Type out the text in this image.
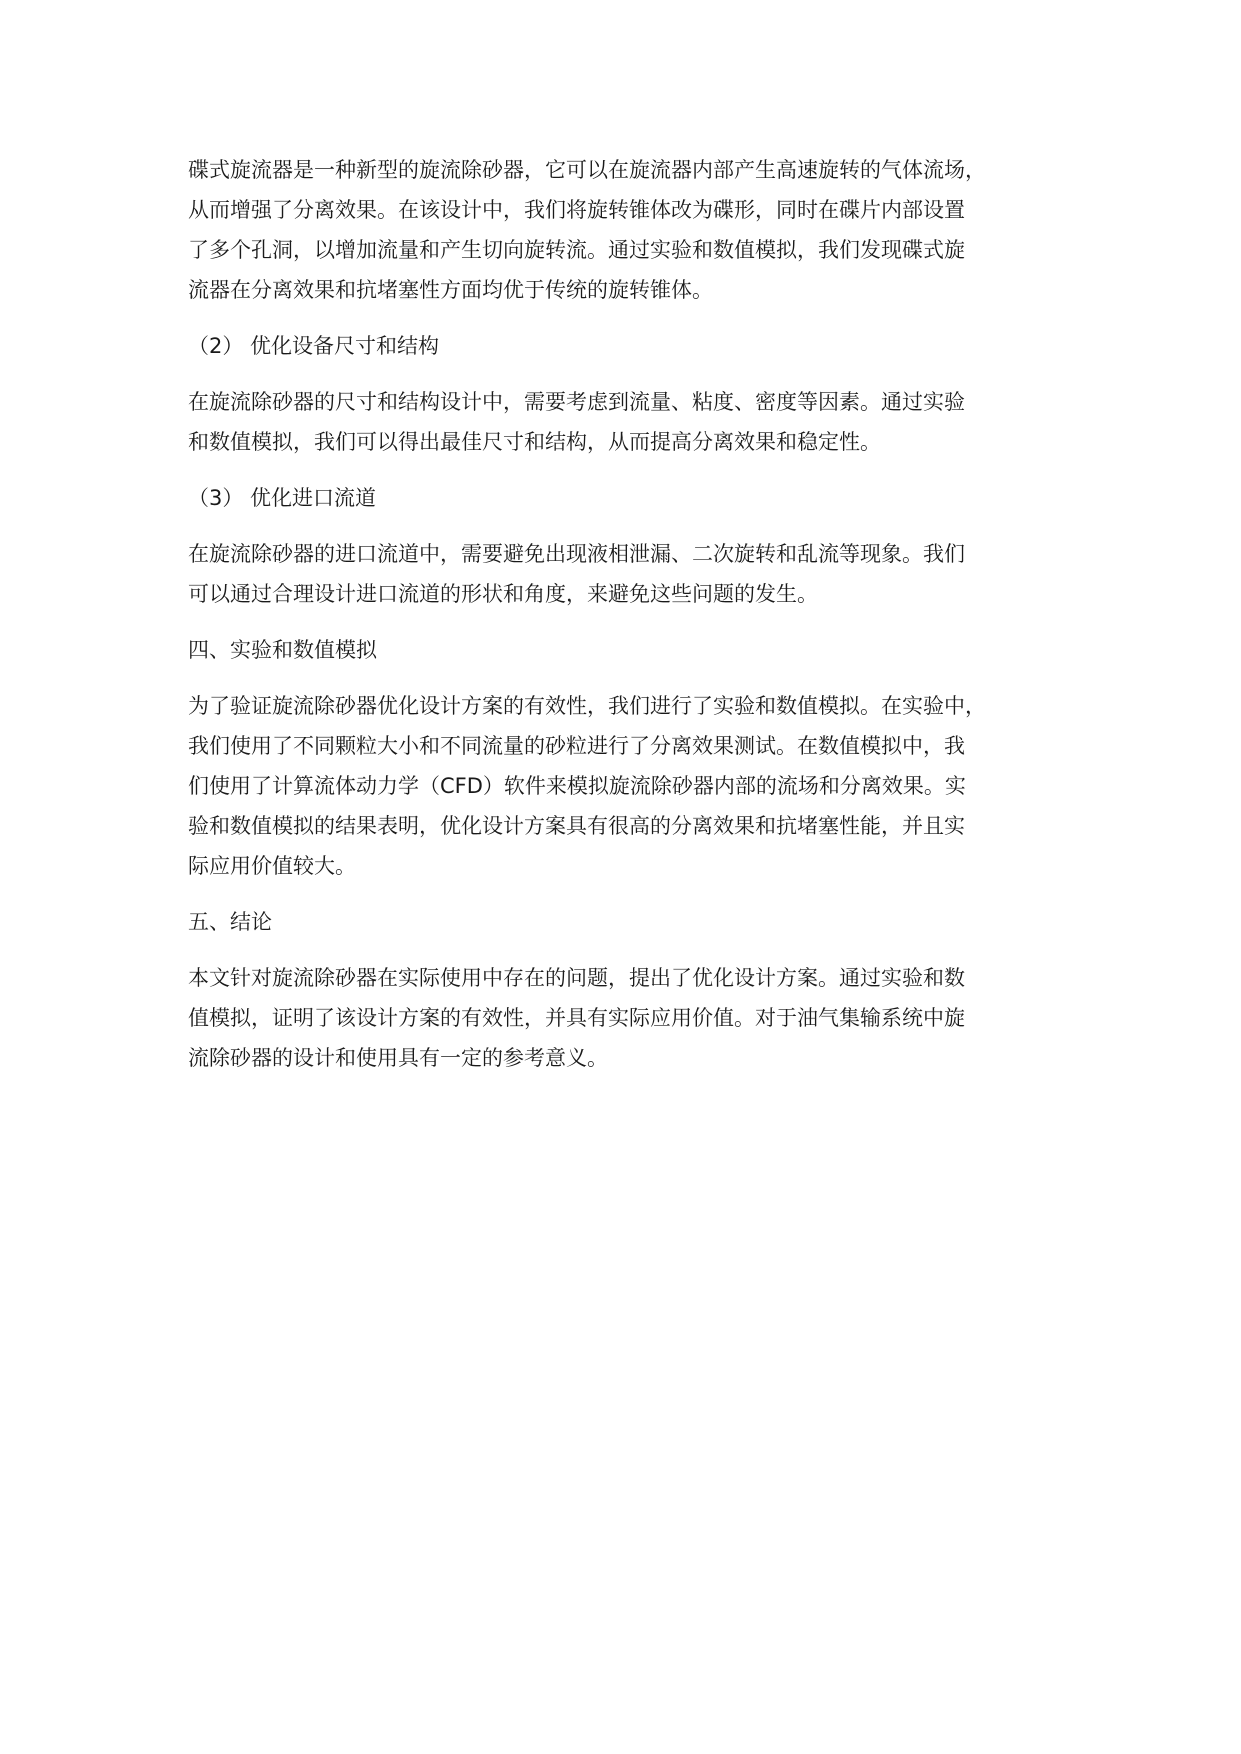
碟式旋流器是一种新型的旋流除砂器，它可以在旋流器内部产生高速旋转的气体流场，
从而增强了分离效果。在该设计中，我们将旋转锥体改为碟形，同时在碟片内部设置
了多个孔洞，以增加流量和产生切向旋转流。通过实验和数值模拟，我们发现碟式旋
流器在分离效果和抗堵塞性方面均优于传统的旋转锥体。

（2） 优化设备尺寸和结构

在旋流除砂器的尺寸和结构设计中，需要考虑到流量、粘度、密度等因素。通过实验
和数值模拟，我们可以得出最佳尺寸和结构，从而提高分离效果和稳定性。

（3） 优化进口流道

在旋流除砂器的进口流道中，需要避免出现液相泄漏、二次旋转和乱流等现象。我们
可以通过合理设计进口流道的形状和角度，来避免这些问题的发生。

四、实验和数值模拟

为了验证旋流除砂器优化设计方案的有效性，我们进行了实验和数值模拟。在实验中，
我们使用了不同颗粒大小和不同流量的砂粒进行了分离效果测试。在数值模拟中，我
们使用了计算流体动力学（CFD）软件来模拟旋流除砂器内部的流场和分离效果。实
验和数值模拟的结果表明，优化设计方案具有很高的分离效果和抗堵塞性能，并且实
际应用价值较大。

五、结论

本文针对旋流除砂器在实际使用中存在的问题，提出了优化设计方案。通过实验和数
值模拟，证明了该设计方案的有效性，并具有实际应用价值。对于油气集输系统中旋
流除砂器的设计和使用具有一定的参考意义。
